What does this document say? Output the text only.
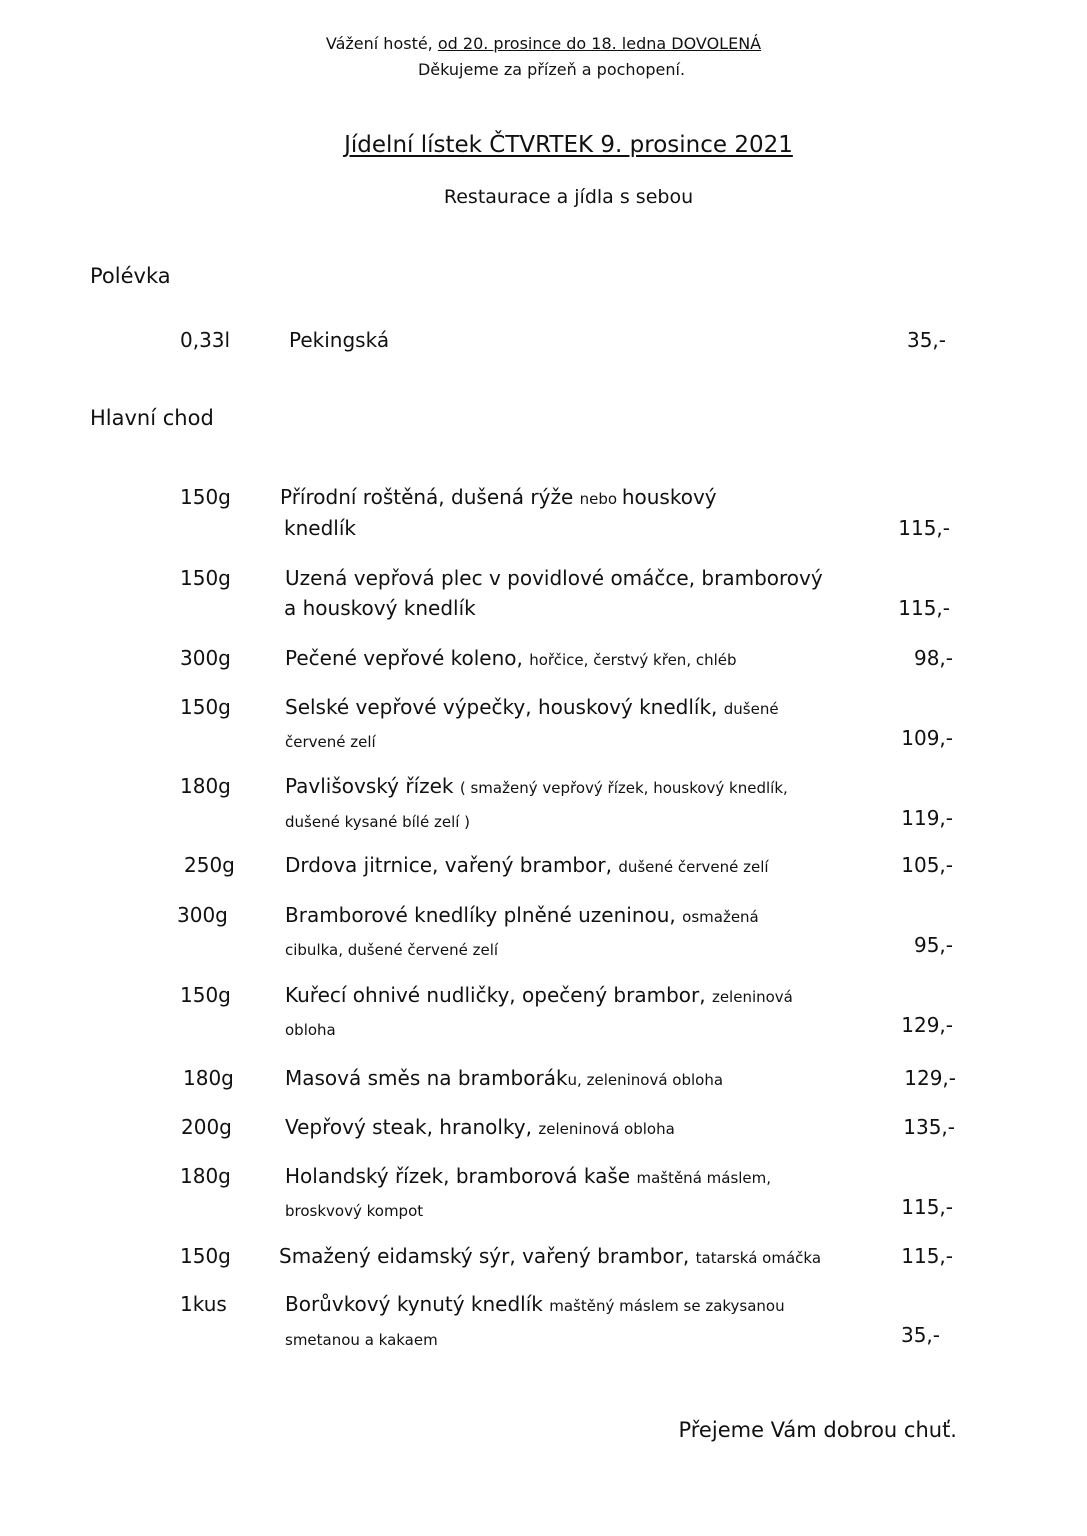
Vážení hosté, od 20. prosince do 18. ledna DOVOLENÁ
Děkujeme za přízeň a pochopení.
Jídelní lístek ČTVRTEK 9. prosince 2021
Restaurace a jídla s sebou
Polévka
0,33l	Pekingská	35,-
Hlavní chod
150g Přírodní roštěná, dušená rýže nebo houskový
knedlík	115,-
150g	Uzená vepřová plec v povidlové omáčce, bramborový
a houskový knedlík	115,-
300g	Pečené vepřové koleno, hořčice, čerstvý křen, chléb	98,-
150g	Selské vepřové výpečky, houskový knedlík, dušené
červené zelí	109,-
180g	Pavlišovský řízek ( smažený vepřový řízek, houskový knedlík,
dušené kysané bílé zelí )	119,-
250g	Drdova jitrnice, vařený brambor, dušené červené zelí	105,-
300g	Bramborové knedlíky plněné uzeninou, osmažená
cibulka, dušené červené zelí	95,-
150g	Kuřecí ohnivé nudličky, opečený brambor, zeleninová
obloha	129,-
180g	Masová směs na bramboráku, zeleninová obloha	129,-
200g	Vepřový steak, hranolky, zeleninová obloha	135,-
180g	Holandský řízek, bramborová kaše maštěná máslem,
broskvový kompot	115,-
150g Smažený eidamský sýr, vařený brambor, tatarská omáčka	115,-
1kus	Borůvkový kynutý knedlík maštěný máslem se zakysanou
smetanou a kakaem	35,-
Přejeme Vám dobrou chuť.
